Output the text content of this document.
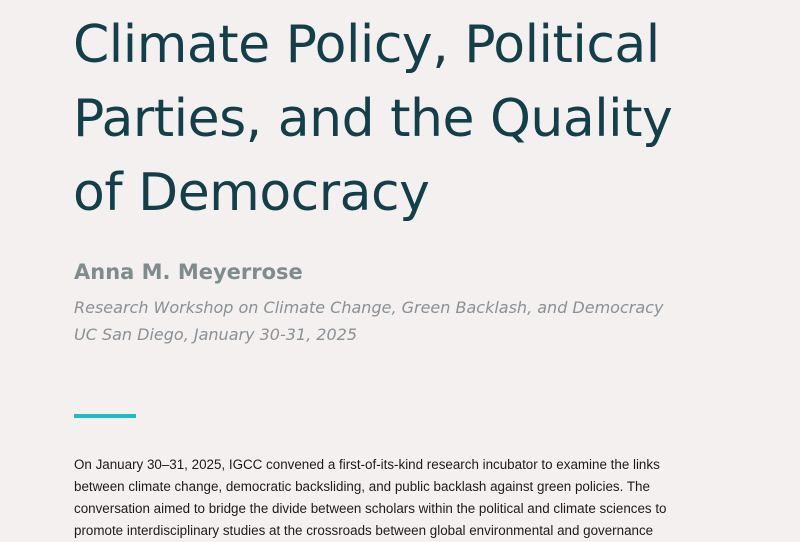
Climate Policy, Political
Parties, and the Quality
of Democracy

Anna M. Meyerrose

Research Workshop on Climate Change, Green Backlash, and Democracy
UC San Diego, January 30-31, 2025

On January 30–31, 2025, IGCC convened a first-of-its-kind research incubator to examine the links
between climate change, democratic backsliding, and public backlash against green policies. The
conversation aimed to bridge the divide between scholars within the political and climate sciences to
promote interdisciplinary studies at the crossroads between global environmental and governance
